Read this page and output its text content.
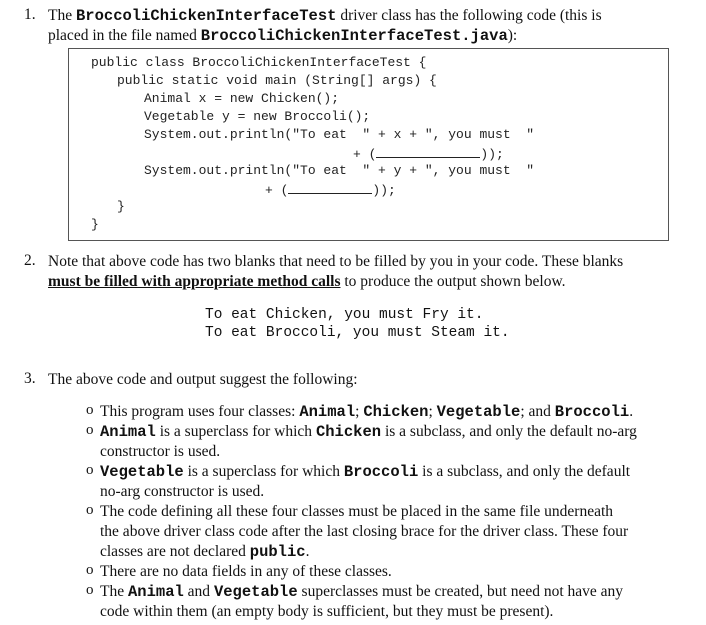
1. The BroccoliChickenInterfaceTest driver class has the following code (this is
placed in the file named BroccoliChickenInterfaceTest.java):
public class BroccoliChickenInterfaceTest {
public static void main (String[] args) {
Animal x = new Chicken();
Vegetable y = new Broccoli();
System.out.println("To eat  " + x + ", you must  "
+ (	));
System.out.println("To eat  " + y + ", you must  "
+ (	));
}
}
2. Note that above code has two blanks that need to be filled by you in your code. These blanks
must be filled with appropriate method calls to produce the output shown below.
To eat Chicken, you must Fry it.
To eat Broccoli, you must Steam it.
3. The above code and output suggest the following:
o This program uses four classes: Animal; Chicken; Vegetable; and Broccoli.
o Animal is a superclass for which Chicken is a subclass, and only the default no-arg
constructor is used.
o Vegetable is a superclass for which Broccoli is a subclass, and only the default
no-arg constructor is used.
o The code defining all these four classes must be placed in the same file underneath
the above driver class code after the last closing brace for the driver class. These four
classes are not declared public.
o There are no data fields in any of these classes.
o The Animal and Vegetable superclasses must be created, but need not have any
code within them (an empty body is sufficient, but they must be present).
